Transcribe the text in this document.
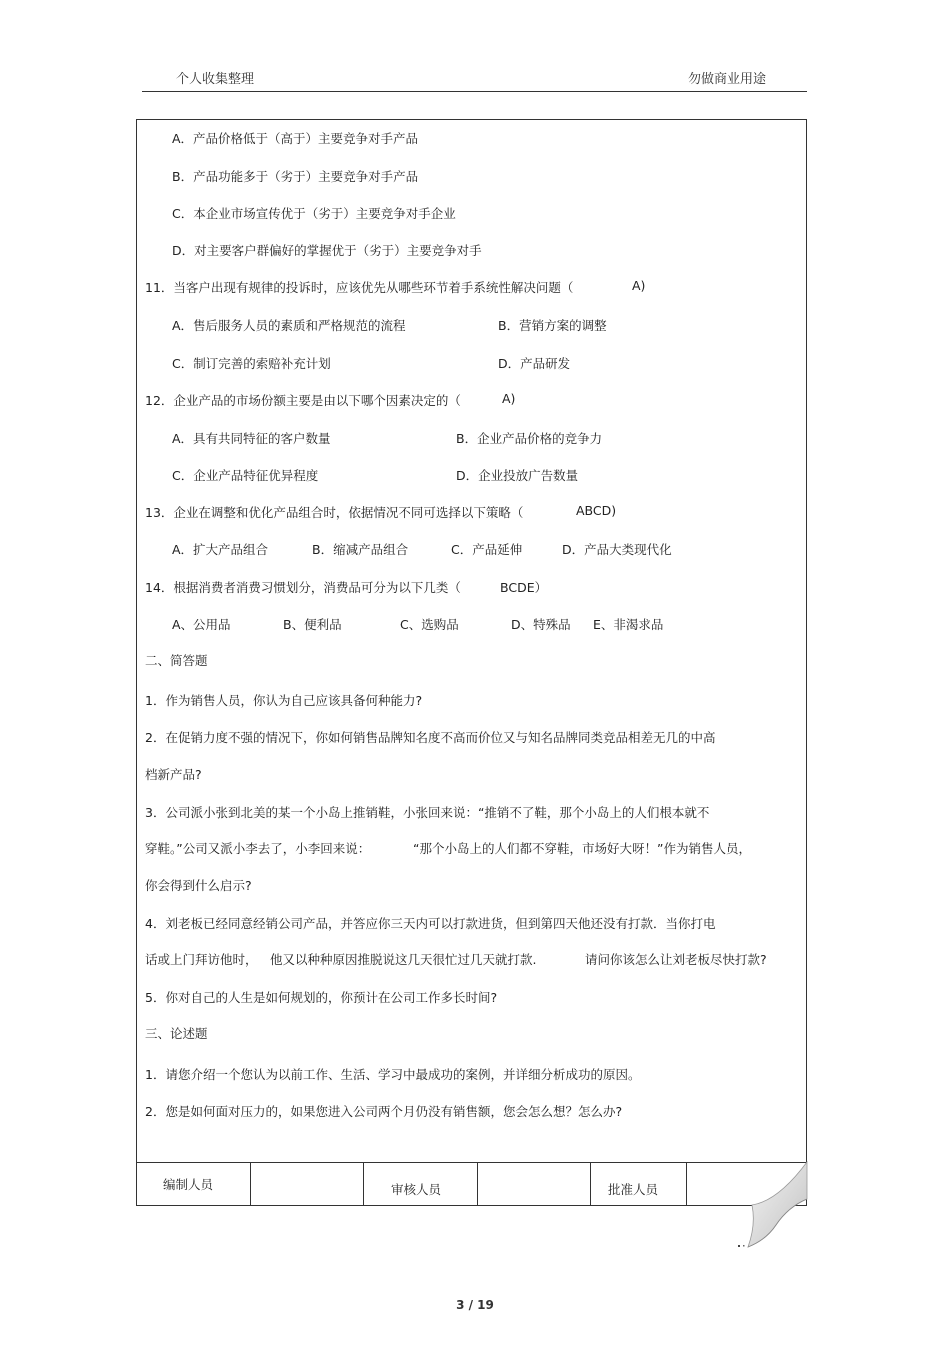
个人收集整理	勿做商业用途
A．产品价格低于（高于）主要竞争对手产品
B．产品功能多于（劣于）主要竞争对手产品
C．本企业市场宣传优于（劣于）主要竞争对手企业
D．对主要客户群偏好的掌握优于（劣于）主要竞争对手
11．当客户出现有规律的投诉时，应该优先从哪些环节着手系统性解决问题（	A)
A．售后服务人员的素质和严格规范的流程	B．营销方案的调整
C．制订完善的索赔补充计划	D．产品研发
12．企业产品的市场份额主要是由以下哪个因素决定的（	A)
A．具有共同特征的客户数量	B．企业产品价格的竞争力
C．企业产品特征优异程度	D．企业投放广告数量
13．企业在调整和优化产品组合时，依据情况不同可选择以下策略（	ABCD)
A．扩大产品组合	B．缩减产品组合	C．产品延伸	D．产品大类现代化
14．根据消费者消费习惯划分，消费品可分为以下几类（	BCDE）
A、公用品	B、便利品	C、选购品	D、特殊品 E、非渴求品
二、简答题
1．作为销售人员，你认为自己应该具备何种能力?
2．在促销力度不强的情况下，你如何销售品牌知名度不高而价位又与知名品牌同类竞品相差无几的中高
档新产品?
3．公司派小张到北美的某一个小岛上推销鞋，小张回来说：“推销不了鞋，那个小岛上的人们根本就不
穿鞋。”公司又派小李去了，小李回来说：	“那个小岛上的人们都不穿鞋，市场好大呀！”作为销售人员，
你会得到什么启示?
4．刘老板已经同意经销公司产品，并答应你三天内可以打款进货，但到第四天他还没有打款．当你打电
话或上门拜访他时， 他又以种种原因推脱说这几天很忙过几天就打款.	请问你该怎么让刘老板尽快打款?
5．你对自己的人生是如何规划的，你预计在公司工作多长时间?
三、论述题
1．请您介绍一个您认为以前工作、生活、学习中最成功的案例，并详细分析成功的原因。
2．您是如何面对压力的，如果您进入公司两个月仍没有销售额，您会怎么想？怎么办?
编制人员	审核人员	批准人员
3 / 19
